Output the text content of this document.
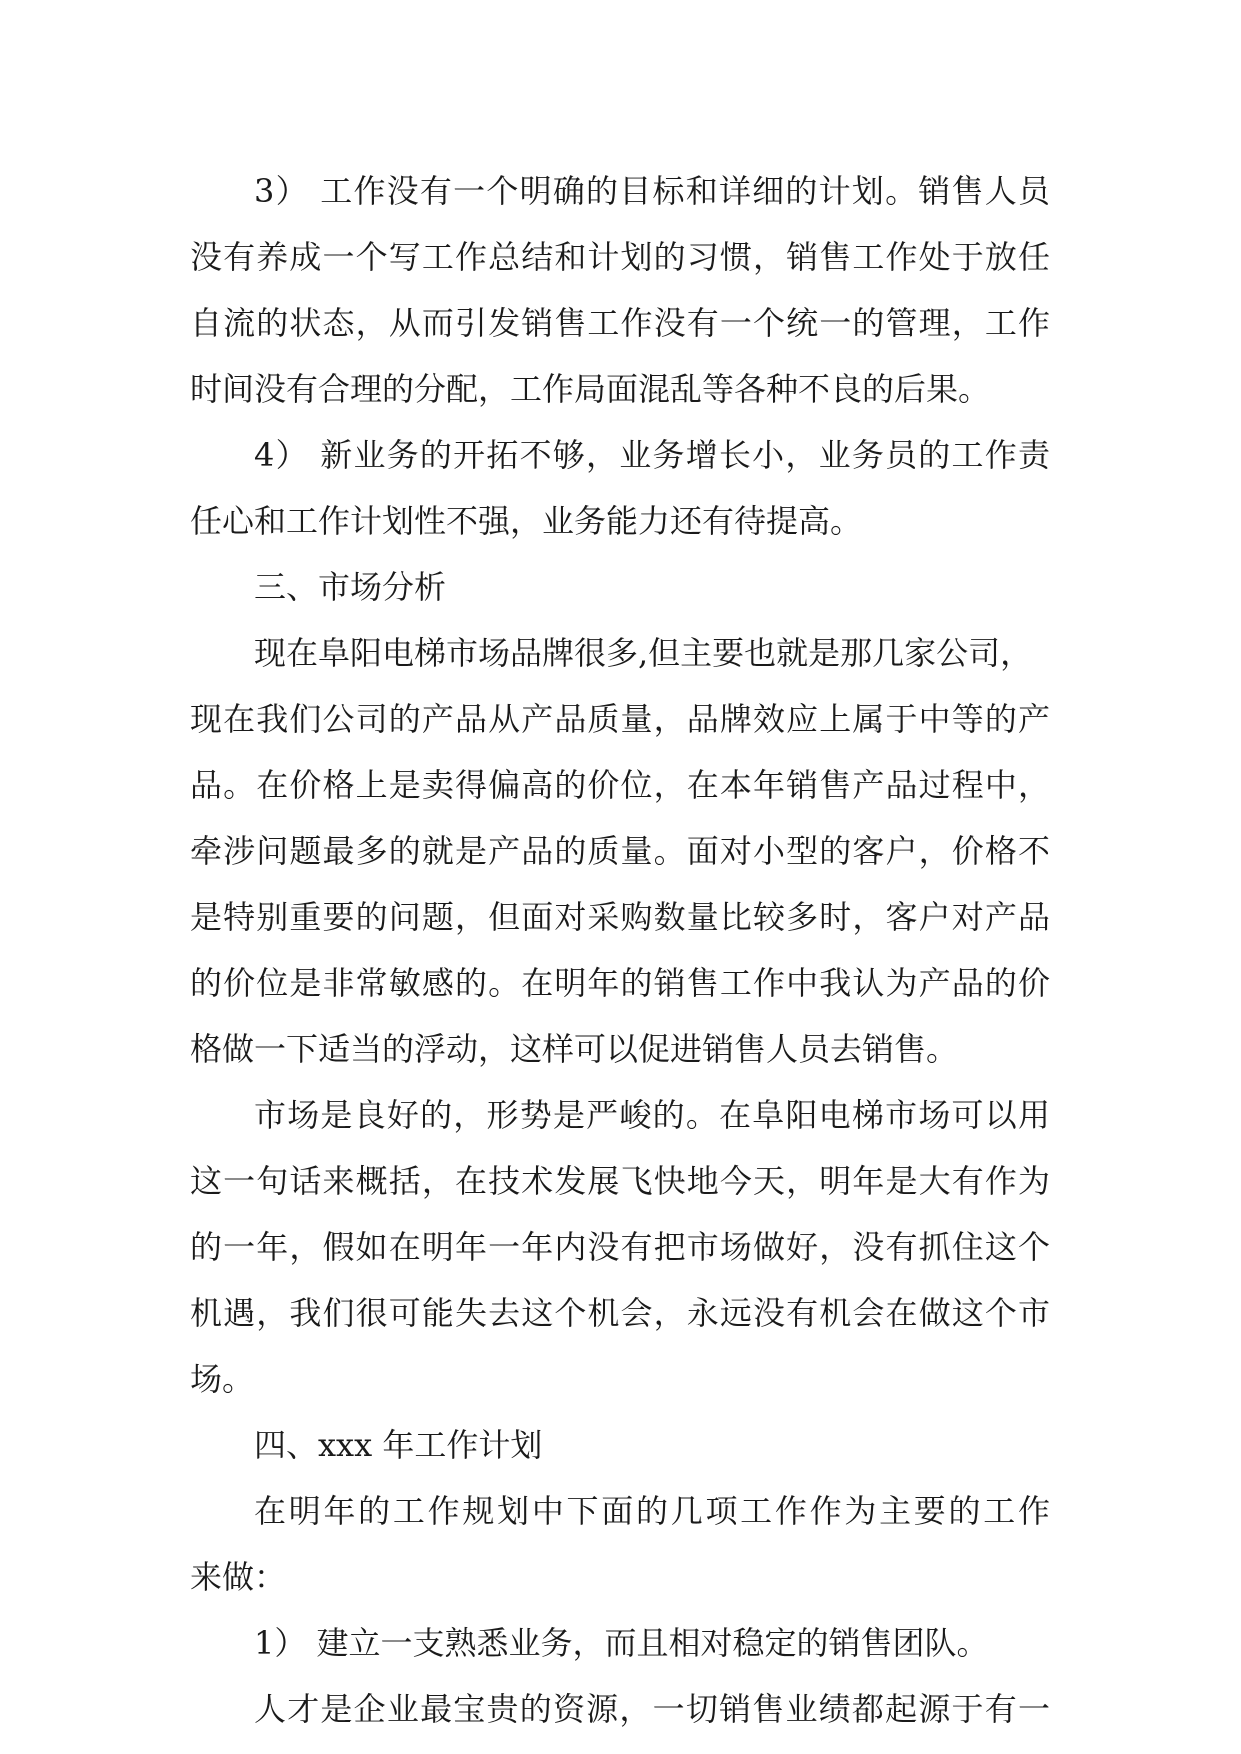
3） 工作没有一个明确的目标和详细的计划。销售人员
没有养成一个写工作总结和计划的习惯，销售工作处于放任
自流的状态，从而引发销售工作没有一个统一的管理，工作
时间没有合理的分配，工作局面混乱等各种不良的后果。
4） 新业务的开拓不够，业务增长小，业务员的工作责
任心和工作计划性不强，业务能力还有待提高。
三、市场分析
现在阜阳电梯市场品牌很多,但主要也就是那几家公司，
现在我们公司的产品从产品质量，品牌效应上属于中等的产
品。在价格上是卖得偏高的价位，在本年销售产品过程中，
牵涉问题最多的就是产品的质量。面对小型的客户，价格不
是特别重要的问题，但面对采购数量比较多时，客户对产品
的价位是非常敏感的。在明年的销售工作中我认为产品的价
格做一下适当的浮动，这样可以促进销售人员去销售。
市场是良好的，形势是严峻的。在阜阳电梯市场可以用
这一句话来概括，在技术发展飞快地今天，明年是大有作为
的一年，假如在明年一年内没有把市场做好，没有抓住这个
机遇，我们很可能失去这个机会，永远没有机会在做这个市
场。
四、xxx 年工作计划
在明年的工作规划中下面的几项工作作为主要的工作
来做：
1） 建立一支熟悉业务，而且相对稳定的销售团队。
人才是企业最宝贵的资源，一切销售业绩都起源于有一
